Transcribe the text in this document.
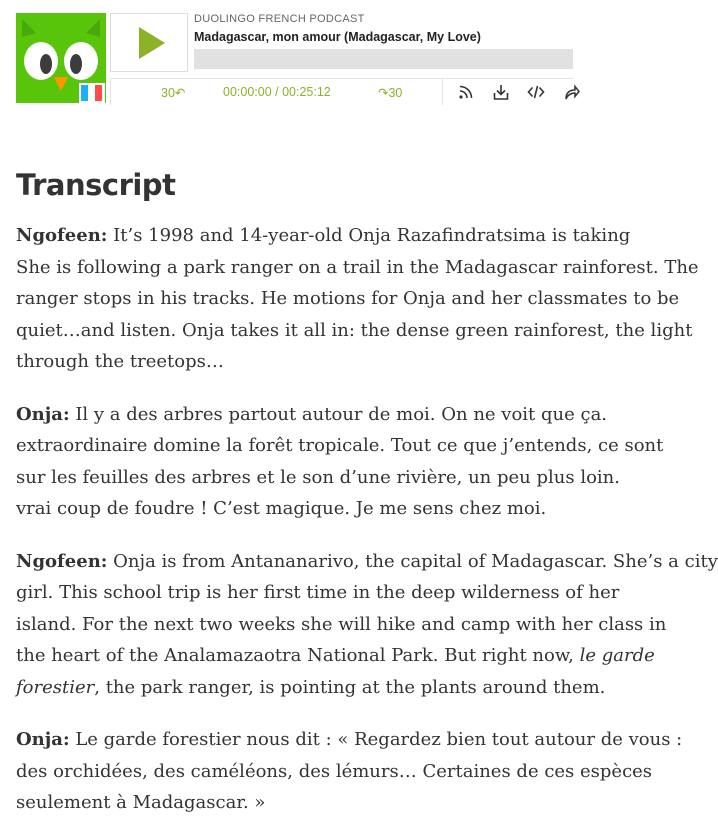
DUOLINGO FRENCH PODCAST
Madagascar, mon amour (Madagascar, My Love)
30↶	00:00:00 / 00:25:12	↷30
Transcript

Ngofeen: It’s 1998 and 14-year-old Onja Razafindratsima is taking
She is following a park ranger on a trail in the Madagascar rainforest. The
ranger stops in his tracks. He motions for Onja and her classmates to be
quiet…and listen. Onja takes it all in: the dense green rainforest, the light
through the treetops…

Onja: Il y a des arbres partout autour de moi. On ne voit que ça.
extraordinaire domine la forêt tropicale. Tout ce que j’entends, ce sont
sur les feuilles des arbres et le son d’une rivière, un peu plus loin.
vrai coup de foudre ! C’est magique. Je me sens chez moi.

Ngofeen: Onja is from Antananarivo, the capital of Madagascar. She’s a city
girl. This school trip is her first time in the deep wilderness of her
island. For the next two weeks she will hike and camp with her class in
the heart of the Analamazaotra National Park. But right now, le garde
forestier, the park ranger, is pointing at the plants around them.

Onja: Le garde forestier nous dit : « Regardez bien tout autour de vous :
des orchidées, des caméléons, des lémurs… Certaines de ces espèces
seulement à Madagascar. »
